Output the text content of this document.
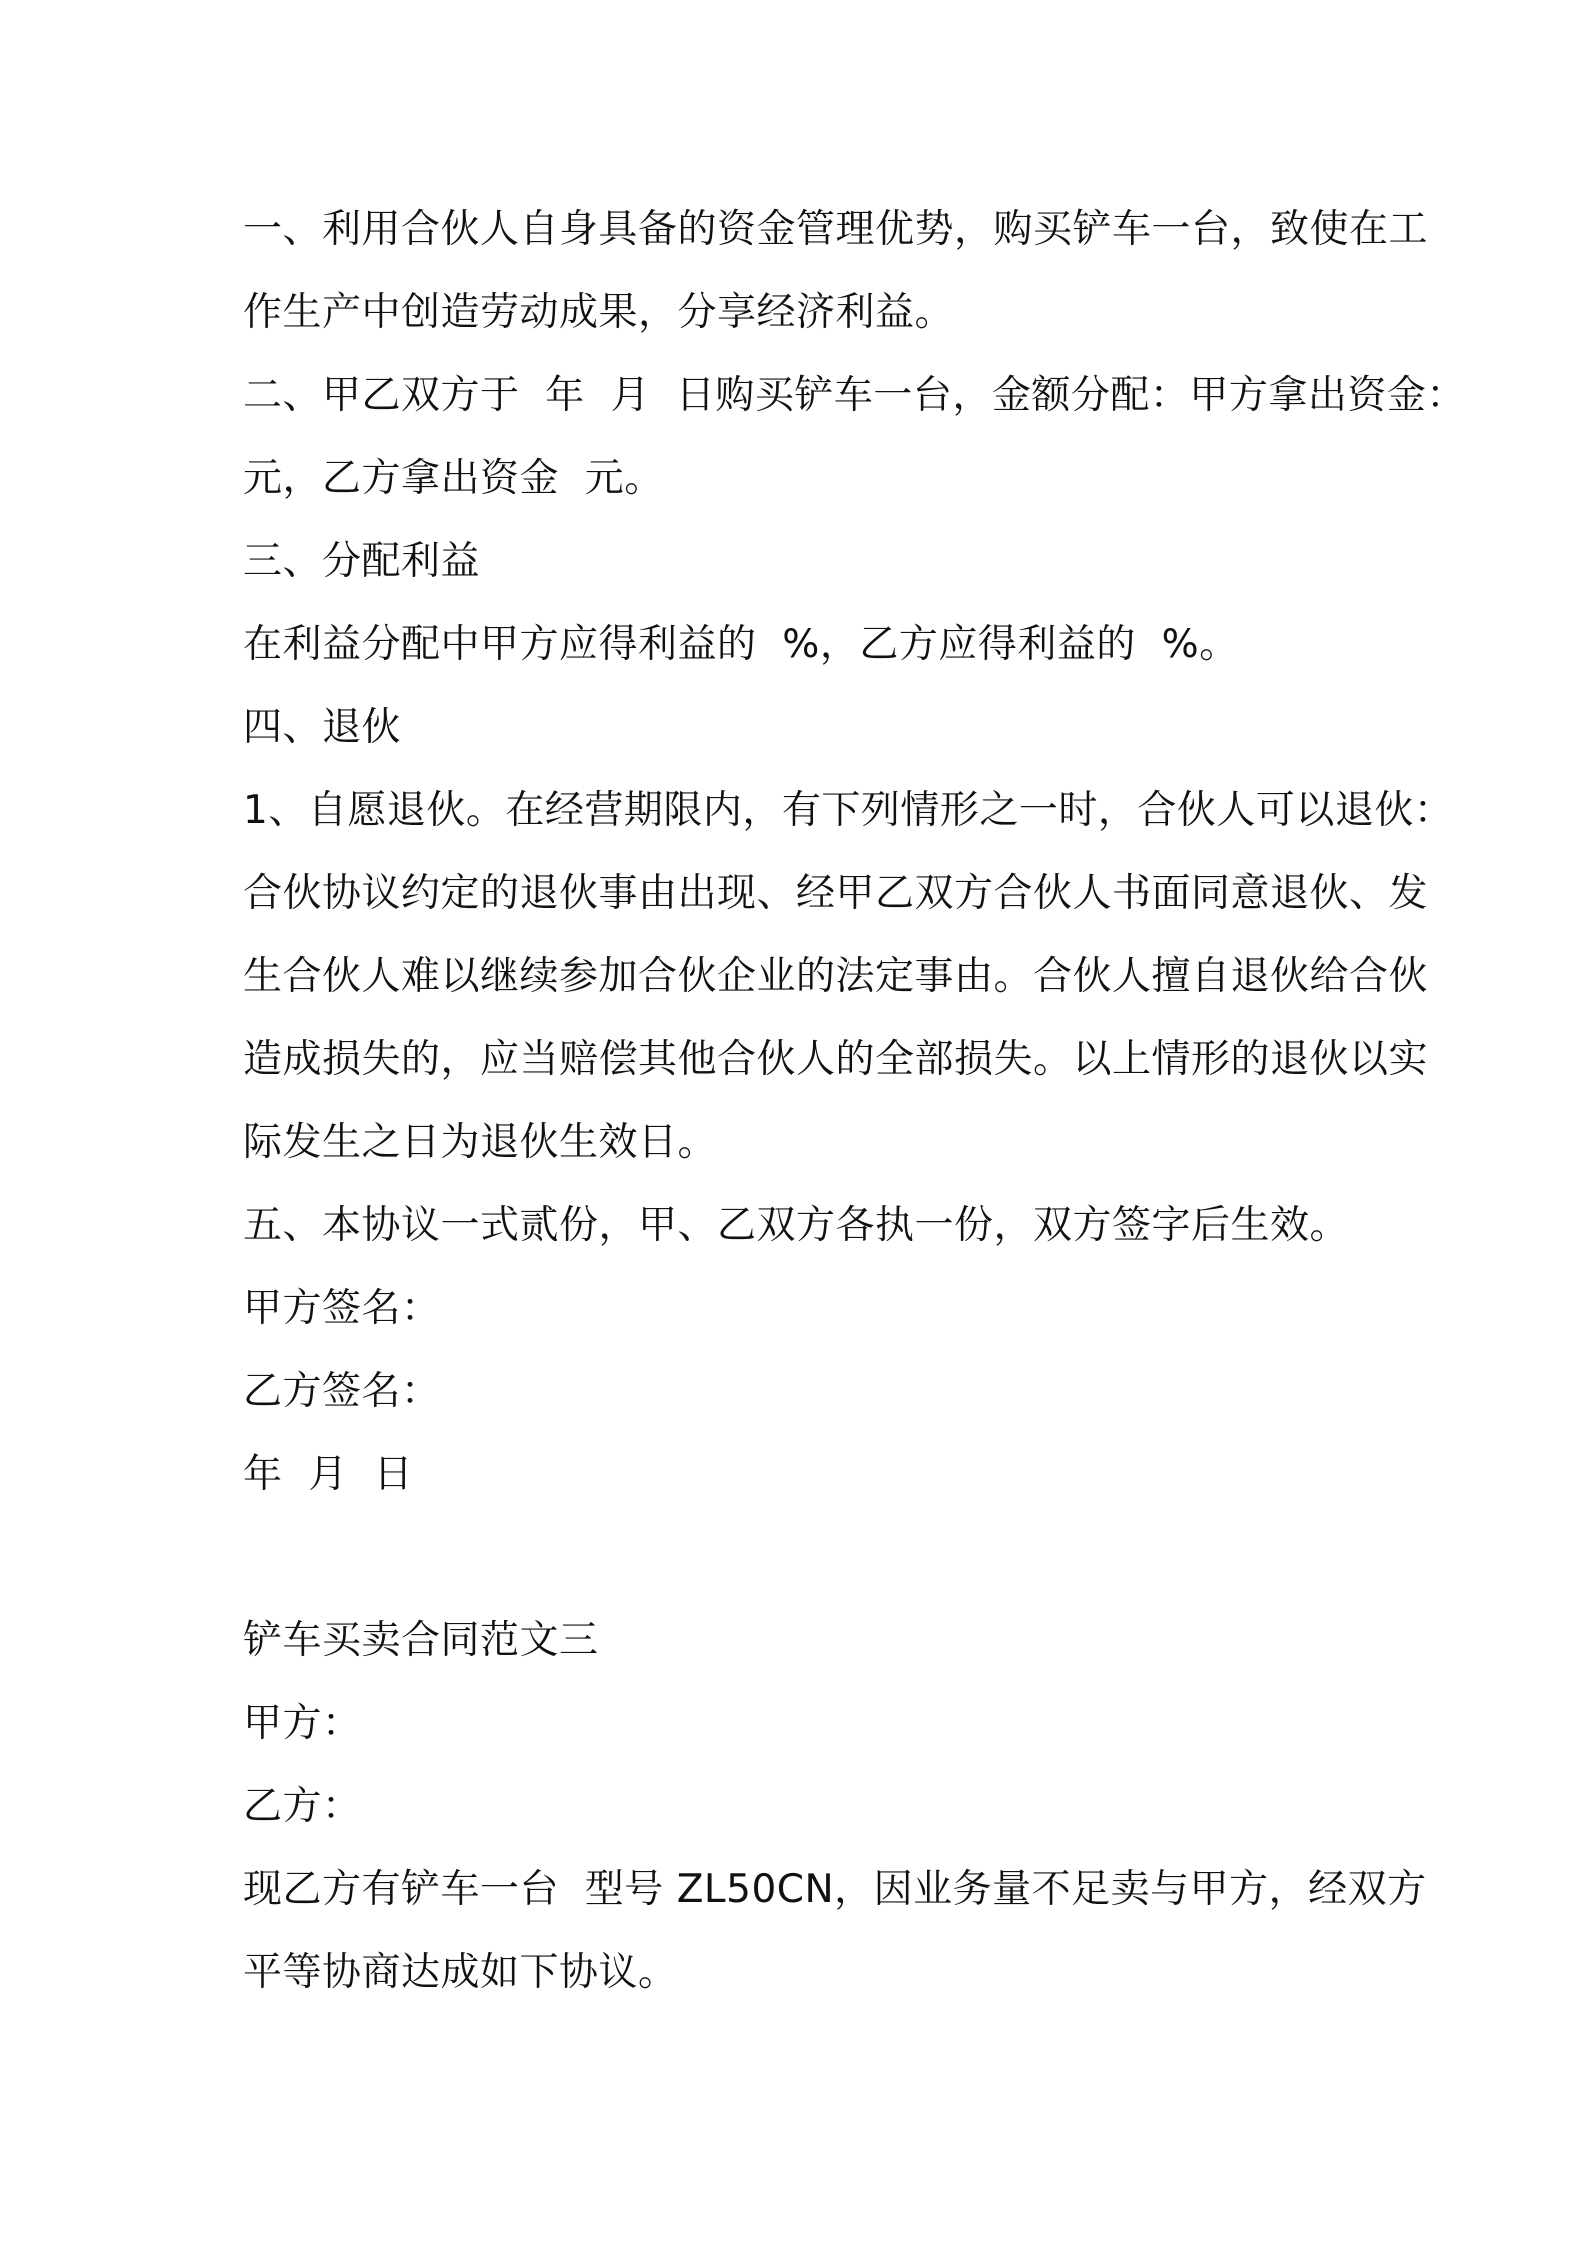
一、利用合伙人自身具备的资金管理优势，购买铲车一台，致使在工

作生产中创造劳动成果，分享经济利益。

二、甲乙双方于  年  月  日购买铲车一台，金额分配：甲方拿出资金：

元，乙方拿出资金  元。

三、分配利益

在利益分配中甲方应得利益的  %，乙方应得利益的  %。

四、退伙

1、自愿退伙。在经营期限内，有下列情形之一时，合伙人可以退伙：

合伙协议约定的退伙事由出现、经甲乙双方合伙人书面同意退伙、发

生合伙人难以继续参加合伙企业的法定事由。合伙人擅自退伙给合伙

造成损失的，应当赔偿其他合伙人的全部损失。以上情形的退伙以实

际发生之日为退伙生效日。

五、本协议一式贰份，甲、乙双方各执一份，双方签字后生效。

甲方签名：

乙方签名：

年  月  日

铲车买卖合同范文三

甲方：

乙方：

现乙方有铲车一台  型号 ZL50CN，因业务量不足卖与甲方，经双方

平等协商达成如下协议。
